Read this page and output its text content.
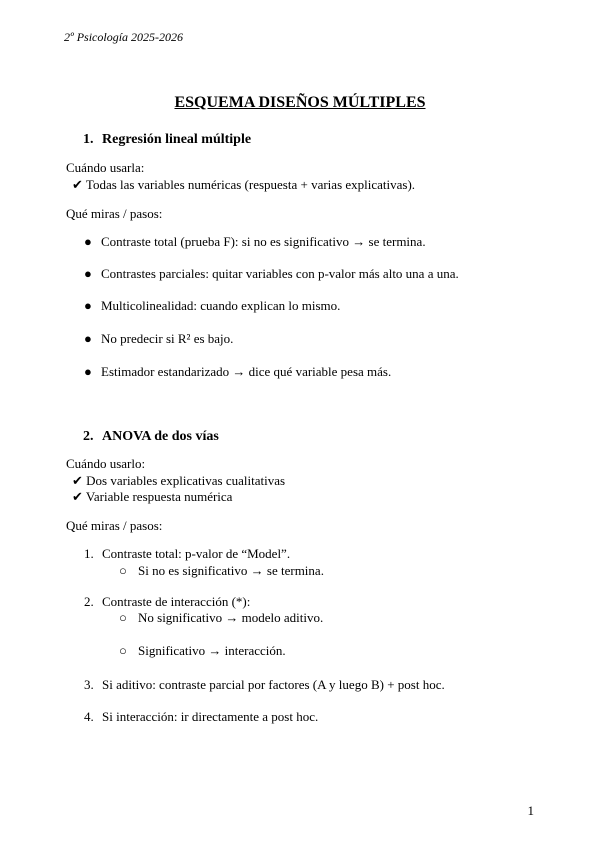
2º Psicología 2025-2026
ESQUEMA DISEÑOS MÚLTIPLES
1. Regresión lineal múltiple
Cuándo usarla:
✔ Todas las variables numéricas (respuesta + varias explicativas).
Qué miras / pasos:
● Contraste total (prueba F): si no es significativo → se termina.
● Contrastes parciales: quitar variables con p-valor más alto una a una.
● Multicolinealidad: cuando explican lo mismo.
● No predecir si R² es bajo.
● Estimador estandarizado → dice qué variable pesa más.
2. ANOVA de dos vías
Cuándo usarlo:
✔ Dos variables explicativas cualitativas
✔ Variable respuesta numérica
Qué miras / pasos:
1. Contraste total: p-valor de “Model”.
○ Si no es significativo → se termina.
2. Contraste de interacción (*):
○ No significativo → modelo aditivo.
○ Significativo → interacción.
3. Si aditivo: contraste parcial por factores (A y luego B) + post hoc.
4. Si interacción: ir directamente a post hoc.
1
